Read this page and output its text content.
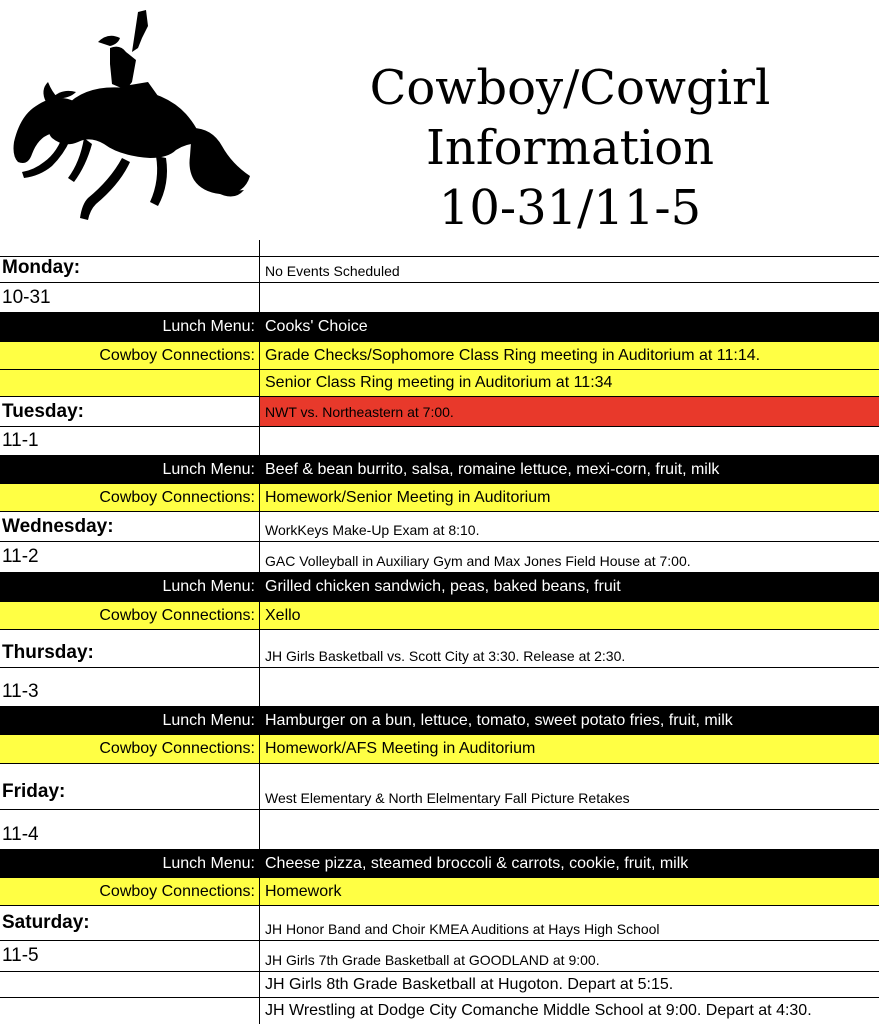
Cowboy/Cowgirl
Information
10-31/11-5
Monday:	No Events Scheduled
10-31
Lunch Menu: Cooks' Choice
Cowboy Connections: Grade Checks/Sophomore Class Ring meeting in Auditorium at 11:14.
Senior Class Ring meeting in Auditorium at 11:34
Tuesday:	NWT vs. Northeastern at 7:00.
11-1
Lunch Menu: Beef & bean burrito, salsa, romaine lettuce, mexi-corn, fruit, milk
Cowboy Connections: Homework/Senior Meeting in Auditorium
Wednesday:	WorkKeys Make-Up Exam at 8:10.
11-2	GAC Volleyball in Auxiliary Gym and Max Jones Field House at 7:00.
Lunch Menu: Grilled chicken sandwich, peas, baked beans, fruit
Cowboy Connections: Xello
Thursday:	JH Girls Basketball vs. Scott City at 3:30. Release at 2:30.
11-3
Lunch Menu: Hamburger on a bun, lettuce, tomato, sweet potato fries, fruit, milk
Cowboy Connections: Homework/AFS Meeting in Auditorium
Friday:	West Elementary & North Elelmentary Fall Picture Retakes
11-4
Lunch Menu: Cheese pizza, steamed broccoli & carrots, cookie, fruit, milk
Cowboy Connections: Homework
Saturday:	JH Honor Band and Choir KMEA Auditions at Hays High School
11-5	JH Girls 7th Grade Basketball at GOODLAND at 9:00.
JH Girls 8th Grade Basketball at Hugoton. Depart at 5:15.
JH Wrestling at Dodge City Comanche Middle School at 9:00. Depart at 4:30.
